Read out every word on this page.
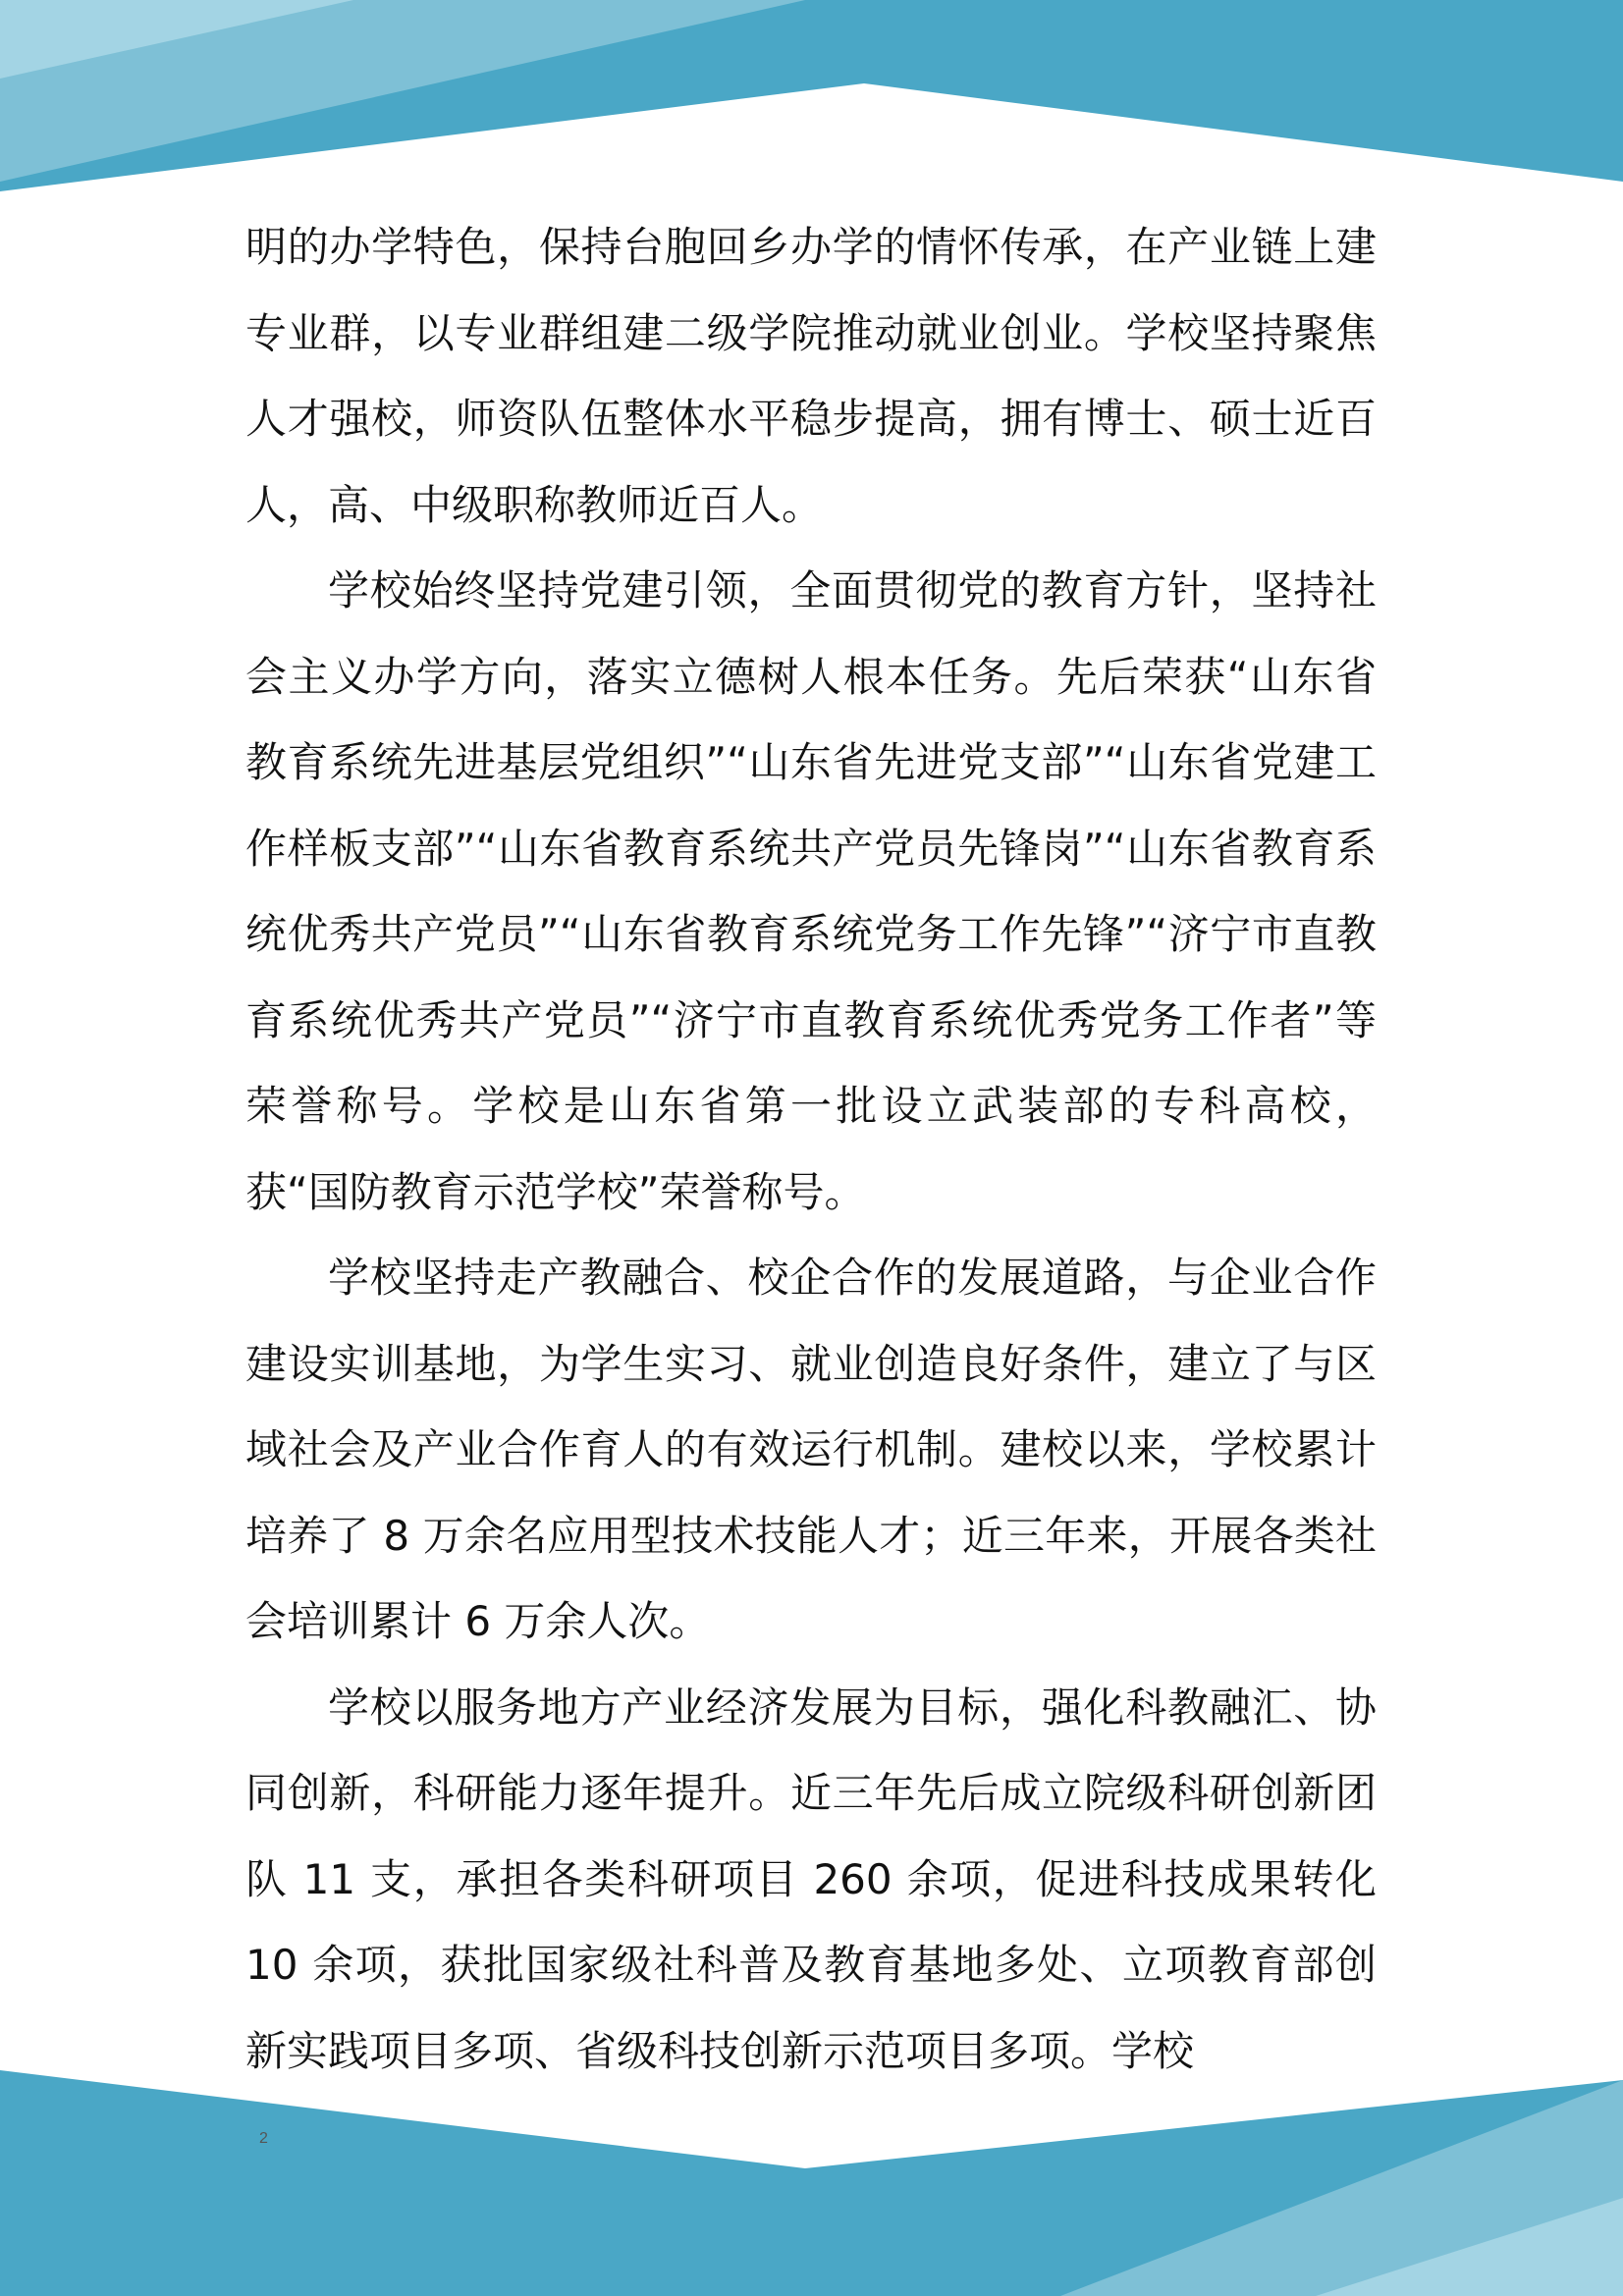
明的办学特色，保持台胞回乡办学的情怀传承，在产业链上建专业群，以专业群组建二级学院推动就业创业。学校坚持聚焦人才强校，师资队伍整体水平稳步提高，拥有博士、硕士近百人，高、中级职称教师近百人。

学校始终坚持党建引领，全面贯彻党的教育方针，坚持社会主义办学方向，落实立德树人根本任务。先后荣获“山东省教育系统先进基层党组织”“山东省先进党支部”“山东省党建工作样板支部”“山东省教育系统共产党员先锋岗”“山东省教育系统优秀共产党员”“山东省教育系统党务工作先锋”“济宁市直教育系统优秀共产党员”“济宁市直教育系统优秀党务工作者”等荣誉称号。学校是山东省第一批设立武装部的专科高校，获“国防教育示范学校”荣誉称号。

学校坚持走产教融合、校企合作的发展道路，与企业合作建设实训基地，为学生实习、就业创造良好条件，建立了与区域社会及产业合作育人的有效运行机制。建校以来，学校累计培养了 8 万余名应用型技术技能人才；近三年来，开展各类社会培训累计 6 万余人次。

学校以服务地方产业经济发展为目标，强化科教融汇、协同创新，科研能力逐年提升。近三年先后成立院级科研创新团队 11 支，承担各类科研项目 260 余项，促进科技成果转化 10 余项，获批国家级社科普及教育基地多处、立项教育部创新实践项目多项、省级科技创新示范项目多项。学校

2
